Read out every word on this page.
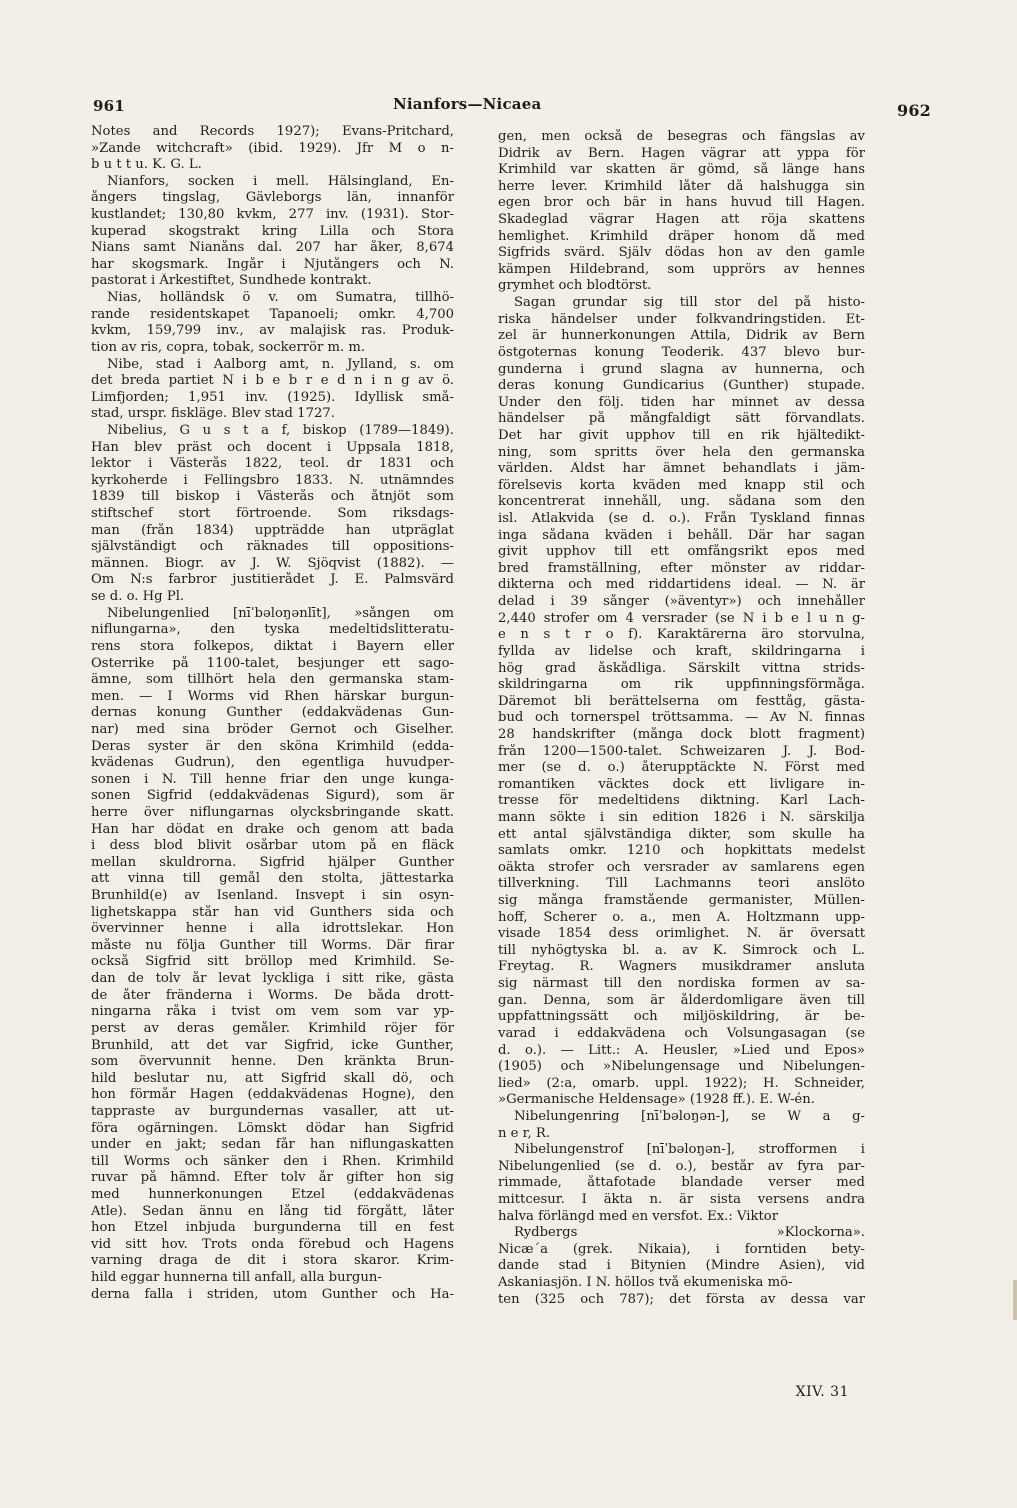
961	Nianfors—Nicaea	962
Notes and Records 1927); Evans-Pritchard,
»Zande witchcraft» (ibid. 1929). Jfr M o n-
b u t t u. K. G. L.
Nianfors, socken i mell. Hälsingland, En-
ångers tingslag, Gävleborgs län, innanför
kustlandet; 130,80 kvkm, 277 inv. (1931). Stor-
kuperad skogstrakt kring Lilla och Stora
Nians samt Nianåns dal. 207 har åker, 8,674
har skogsmark. Ingår i Njutångers och N.
pastorat i Ärkestiftet, Sundhede kontrakt.
Nias, holländsk ö v. om Sumatra, tillhö-
rande residentskapet Tapanoeli; omkr. 4,700
kvkm, 159,799 inv., av malajisk ras. Produk-
tion av ris, copra, tobak, sockerrör m. m.
Nibe, stad i Aalborg amt, n. Jylland, s. om
det breda partiet N i b e b r e d n i n g av ö.
Limfjorden; 1,951 inv. (1925). Idyllisk små-
stad, urspr. fiskläge. Blev stad 1727.
Nibelius, G u s t a f, biskop (1789—1849).
Han blev präst och docent i Uppsala 1818,
lektor i Västerås 1822, teol. dr 1831 och
kyrkoherde i Fellingsbro 1833. N. utnämndes
1839 till biskop i Västerås och åtnjöt som
stiftschef stort förtroende. Som riksdags-
man (från 1834) uppträdde han utpräglat
självständigt och räknades till oppositions-
männen. Biogr. av J. W. Sjöqvist (1882). —
Om N:s farbror justitierådet J. E. Palmsvärd
se d. o. Hg Pl.
Nibelungenlied [nīˈbəloŋənlīt], »sången om
niflungarna», den tyska medeltidslitteratu-
rens stora folkepos, diktat i Bayern eller
Österrike på 1100-talet, besjunger ett sago-
ämne, som tillhört hela den germanska stam-
men. — I Worms vid Rhen härskar burgun-
dernas konung Gunther (eddakvädenas Gun-
nar) med sina bröder Gernot och Giselher.
Deras syster är den sköna Krimhild (edda-
kvädenas Gudrun), den egentliga huvudper-
sonen i N. Till henne friar den unge kunga-
sonen Sigfrid (eddakvädenas Sigurd), som är
herre över niflungarnas olycksbringande skatt.
Han har dödat en drake och genom att bada
i dess blod blivit osårbar utom på en fläck
mellan skuldrorna. Sigfrid hjälper Gunther
att vinna till gemål den stolta, jättestarka
Brunhild(e) av Isenland. Insvept i sin osyn-
lighetskappa står han vid Gunthers sida och
övervinner henne i alla idrottslekar. Hon
måste nu följa Gunther till Worms. Där firar
också Sigfrid sitt bröllop med Krimhild. Se-
dan de tolv år levat lyckliga i sitt rike, gästa
de åter fränderna i Worms. De båda drott-
ningarna råka i tvist om vem som var yp-
perst av deras gemåler. Krimhild röjer för
Brunhild, att det var Sigfrid, icke Gunther,
som övervunnit henne. Den kränkta Brun-
hild beslutar nu, att Sigfrid skall dö, och
hon förmår Hagen (eddakvädenas Hogne), den
tappraste av burgundernas vasaller, att ut-
föra ogärningen. Lömskt dödar han Sigfrid
under en jakt; sedan får han niflungaskatten
till Worms och sänker den i Rhen. Krimhild
ruvar på hämnd. Efter tolv år gifter hon sig
med hunnerkonungen Etzel (eddakvädenas
Atle). Sedan ännu en lång tid förgått, låter
hon Etzel inbjuda burgunderna till en fest
vid sitt hov. Trots onda förebud och Hagens
varning draga de dit i stora skaror. Krim-
hild eggar hunnerna till anfall, alla burgun-
derna falla i striden, utom Gunther och Ha-
gen, men också de besegras och fängslas av
Didrik av Bern. Hagen vägrar att yppa för
Krimhild var skatten är gömd, så länge hans
herre lever. Krimhild låter då halshugga sin
egen bror och bär in hans huvud till Hagen.
Skadeglad vägrar Hagen att röja skattens
hemlighet. Krimhild dräper honom då med
Sigfrids svärd. Själv dödas hon av den gamle
kämpen Hildebrand, som upprörs av hennes
grymhet och blodtörst.
Sagan grundar sig till stor del på histo-
riska händelser under folkvandringstiden. Et-
zel är hunnerkonungen Attila, Didrik av Bern
östgoternas konung Teoderik. 437 blevo bur-
gunderna i grund slagna av hunnerna, och
deras konung Gundicarius (Gunther) stupade.
Under den följ. tiden har minnet av dessa
händelser på mångfaldigt sätt förvandlats.
Det har givit upphov till en rik hjältedikt-
ning, som spritts över hela den germanska
världen. Äldst har ämnet behandlats i jäm-
förelsevis korta kväden med knapp stil och
koncentrerat innehåll, ung. sådana som den
isl. Atlakvida (se d. o.). Från Tyskland finnas
inga sådana kväden i behåll. Där har sagan
givit upphov till ett omfångsrikt epos med
bred framställning, efter mönster av riddar-
dikterna och med riddartidens ideal. — N. är
delad i 39 sånger (»äventyr») och innehåller
2,440 strofer om 4 versrader (se N i b e l u n g-
e n s t r o f). Karaktärerna äro storvulna,
fyllda av lidelse och kraft, skildringarna i
hög grad åskådliga. Särskilt vittna strids-
skildringarna om rik uppfinningsförmåga.
Däremot bli berättelserna om festtåg, gästa-
bud och tornerspel tröttsamma. — Av N. finnas
28 handskrifter (många dock blott fragment)
från 1200—1500-talet. Schweizaren J. J. Bod-
mer (se d. o.) återupptäckte N. Först med
romantiken väcktes dock ett livligare in-
tresse för medeltidens diktning. Karl Lach-
mann sökte i sin edition 1826 i N. särskilja
ett antal självständiga dikter, som skulle ha
samlats omkr. 1210 och hopkittats medelst
oäkta strofer och versrader av samlarens egen
tillverkning. Till Lachmanns teori anslöto
sig många framstående germanister, Müllen-
hoff, Scherer o. a., men A. Holtzmann upp-
visade 1854 dess orimlighet. N. är översatt
till nyhögtyska bl. a. av K. Simrock och L.
Freytag. R. Wagners musikdramer ansluta
sig närmast till den nordiska formen av sa-
gan. Denna, som är ålderdomligare även till
uppfattningssätt och miljöskildring, är be-
varad i eddakvädena och Volsungasagan (se
d. o.). — Litt.: A. Heusler, »Lied und Epos»
(1905) och »Nibelungensage und Nibelungen-
lied» (2:a, omarb. uppl. 1922); H. Schneider,
»Germanische Heldensage» (1928 ff.). E. W-én.
Nibelungenring [nīˈbəloŋən-], se W a g-
n e r, R.
Nibelungenstrof [nīˈbəloŋən-], strofformen i
Nibelungenlied (se d. o.), består av fyra par-
rimmade, åttafotade blandade verser med
mittcesur. I äkta n. är sista versens andra
halva förlängd med en versfot. Ex.: Viktor
Rydbergs »Klockorna».
Nicæ´a (grek. Nikaia), i forntiden bety-
dande stad i Bitynien (Mindre Asien), vid
Askaniasjön. I N. höllos två ekumeniska mö-
ten (325 och 787); det första av dessa var
XIV. 31
